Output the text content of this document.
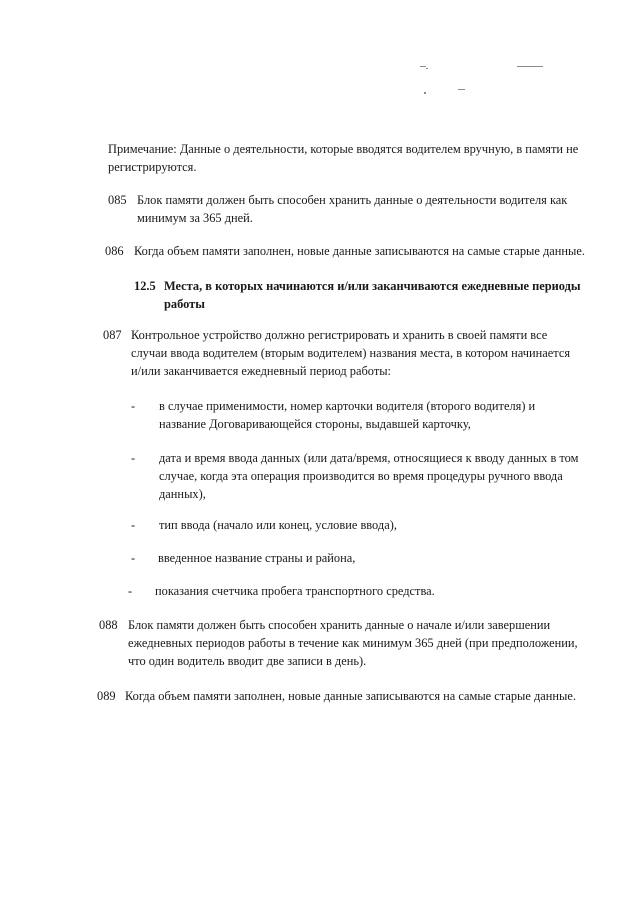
Примечание: Данные о деятельности, которые вводятся водителем вручную, в памяти не
регистрируются.
085 Блок памяти должен быть способен хранить данные о деятельности водителя как
минимум за 365 дней.
086 Когда объем памяти заполнен, новые данные записываются на самые старые данные.
12.5 Места, в которых начинаются и/или заканчиваются ежедневные периоды
работы
087 Контрольное устройство должно регистрировать и хранить в своей памяти все
случаи ввода водителем (вторым водителем) названия места, в котором начинается
и/или заканчивается ежедневный период работы:
- в случае применимости, номер карточки водителя (второго водителя) и
название Договаривающейся стороны, выдавшей карточку,
- дата и время ввода данных (или дата/время, относящиеся к вводу данных в том
случае, когда эта операция производится во время процедуры ручного ввода
данных),
- тип ввода (начало или конец, условие ввода),
- введенное название страны и района,
- показания счетчика пробега транспортного средства.
088 Блок памяти должен быть способен хранить данные о начале и/или завершении
ежедневных периодов работы в течение как минимум 365 дней (при предположении,
что один водитель вводит две записи в день).
089 Когда объем памяти заполнен, новые данные записываются на самые старые данные.
